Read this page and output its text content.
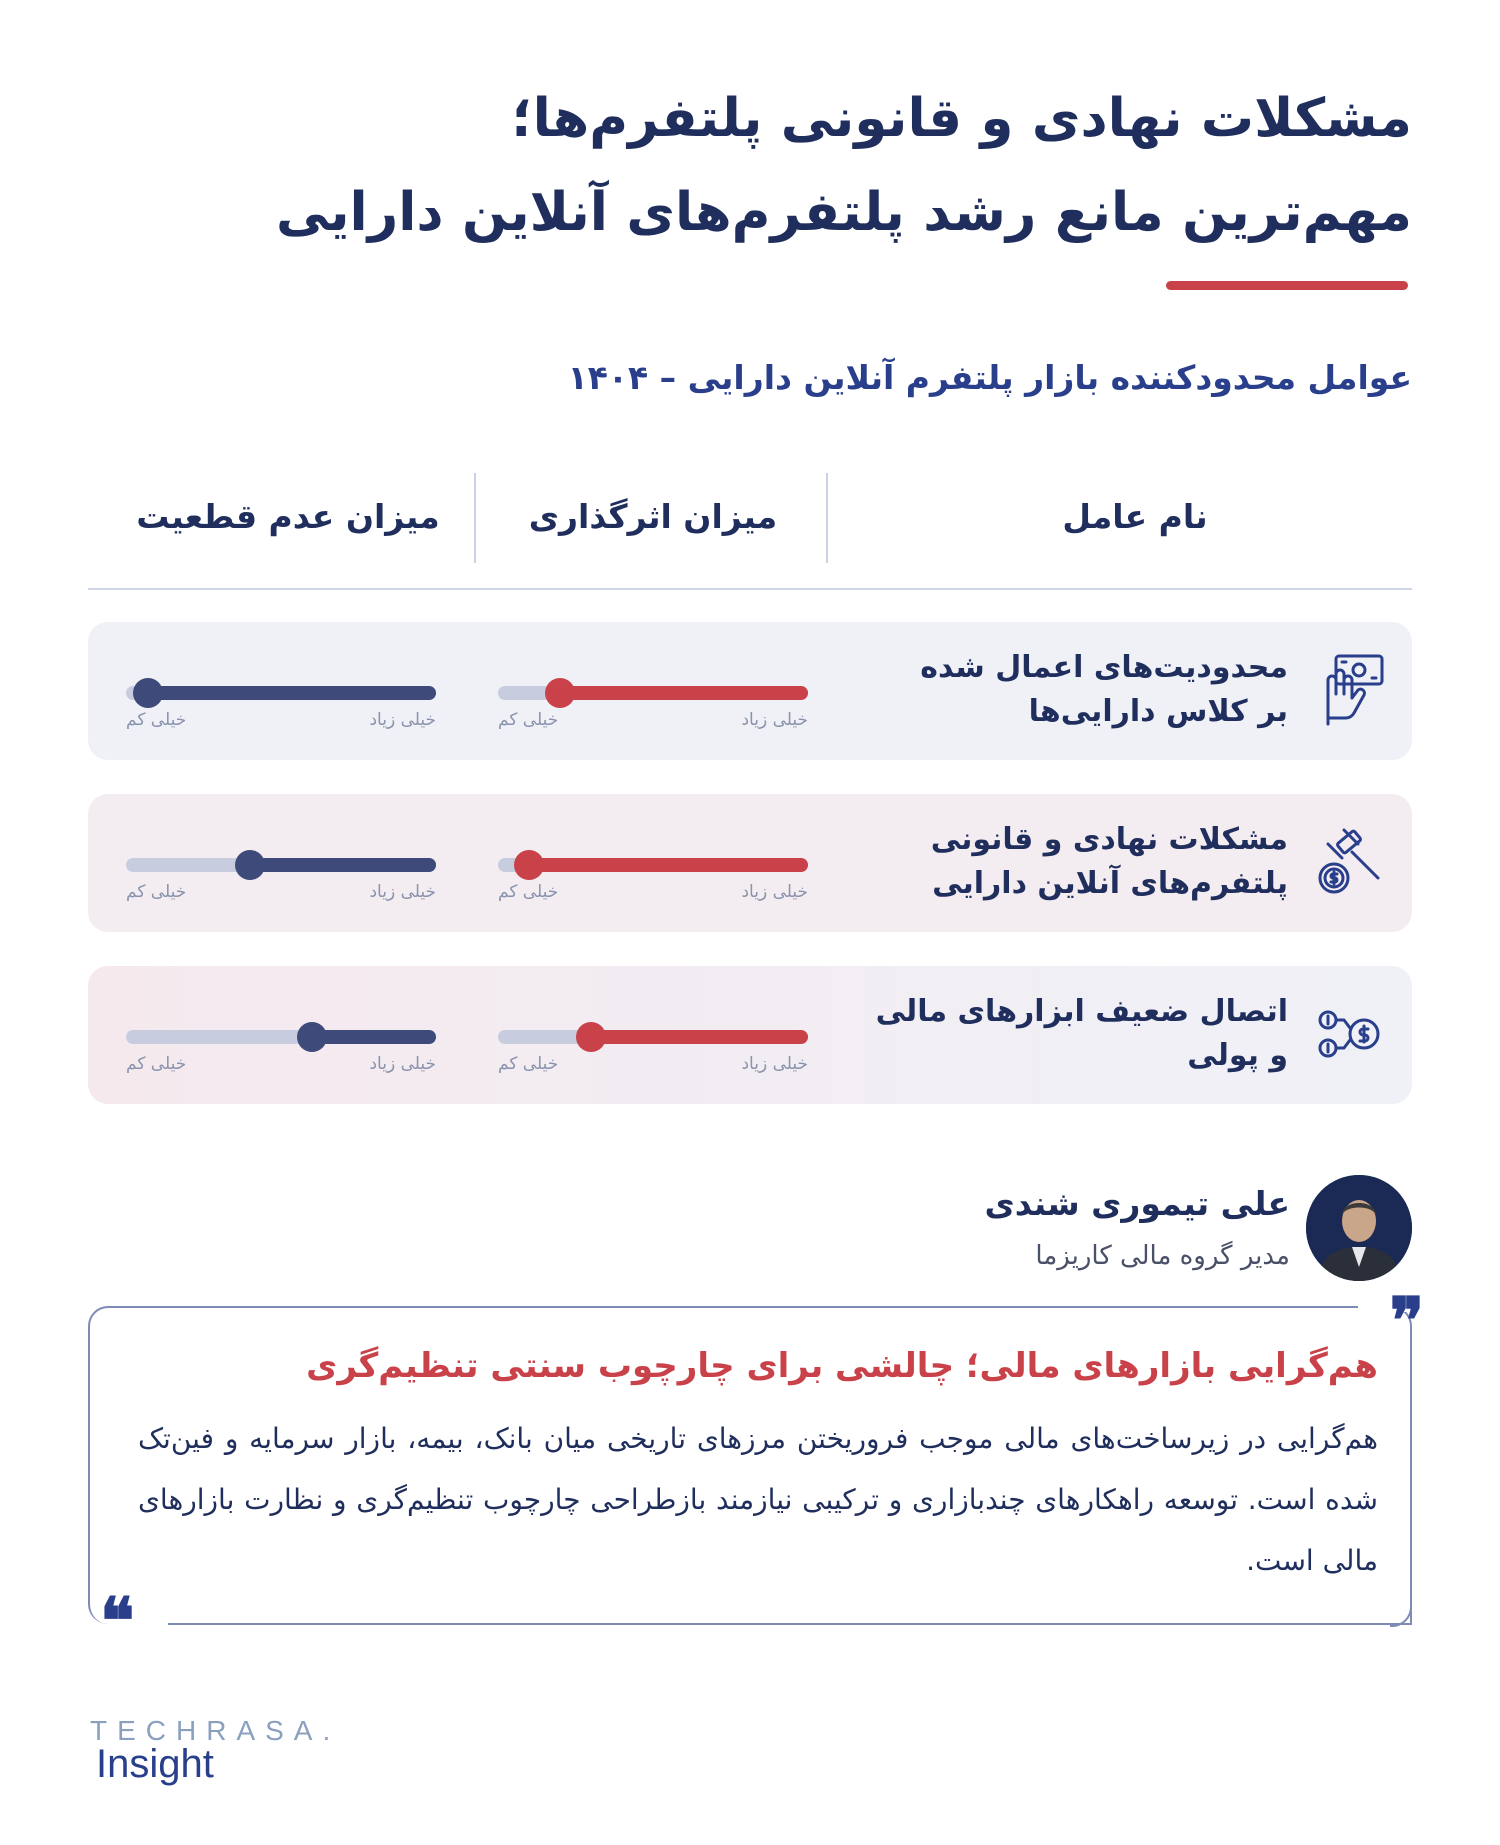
مشکلات نهادی و قانونی پلتفرم‌ها؛
مهم‌ترین مانع رشد پلتفرم‌های آنلاین دارایی
عوامل محدودکننده بازار پلتفرم آنلاین دارایی – ۱۴۰۴
نام عامل
میزان اثرگذاری
میزان عدم قطعیت
محدودیت‌های اعمال شده
بر کلاس دارایی‌ها
خیلی کم	خیلی زیاد
خیلی کم	خیلی زیاد
مشکلات نهادی و قانونی
پلتفرم‌های آنلاین دارایی
خیلی کم	خیلی زیاد
خیلی کم	خیلی زیاد
اتصال ضعیف ابزارهای مالی
و پولی
خیلی کم	خیلی زیاد
خیلی کم	خیلی زیاد
علی تیموری شندی
مدیر گروه مالی کاریزما
❞
❝
هم‌گرایی بازارهای مالی؛ چالشی برای چارچوب سنتی تنظیم‌گری
هم‌گرایی در زیرساخت‌های مالی موجب فروریختن مرزهای تاریخی میان بانک، بیمه، بازار سرمایه و فین‌تک شده است. توسعه راهکارهای چندبازاری و ترکیبی نیازمند بازطراحی چارچوب تنظیم‌گری و نظارت بازارهای مالی است.
TECHRASA.
Insight
